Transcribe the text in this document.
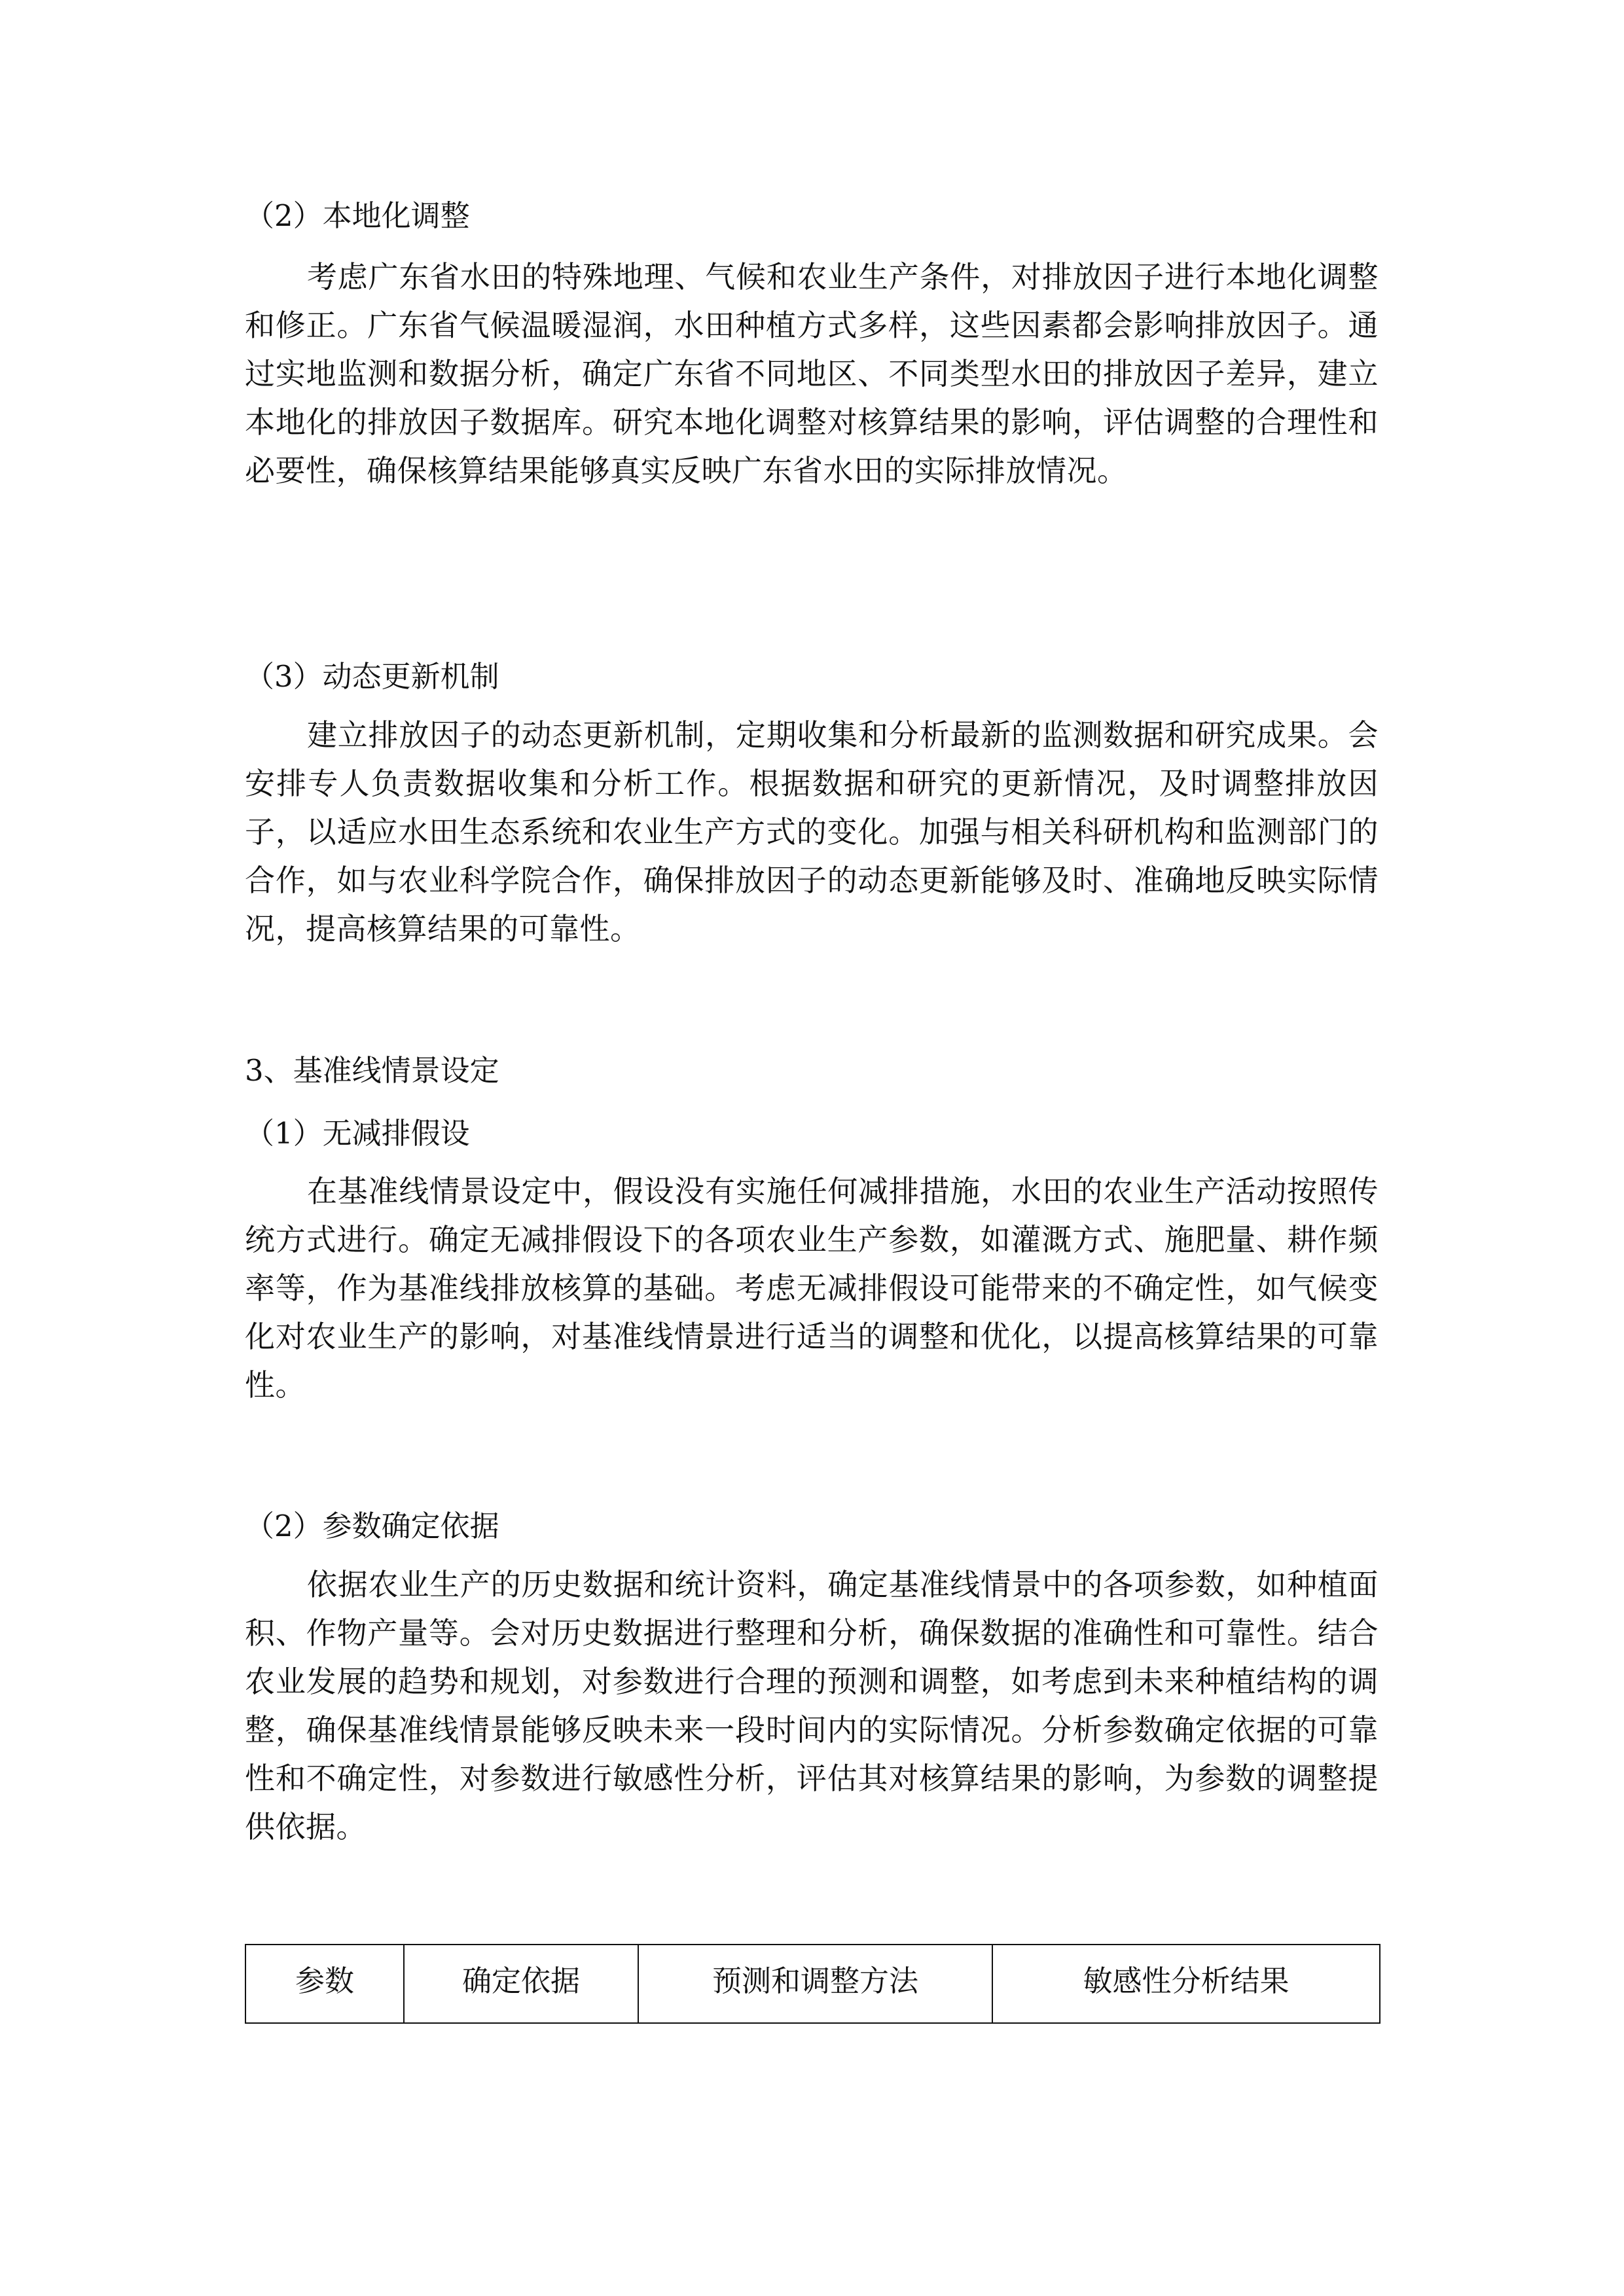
（2）本地化调整

考虑广东省水田的特殊地理、气候和农业生产条件，对排放因子进行本地化调整和修正。广东省气候温暖湿润，水田种植方式多样，这些因素都会影响排放因子。通过实地监测和数据分析，确定广东省不同地区、不同类型水田的排放因子差异，建立本地化的排放因子数据库。研究本地化调整对核算结果的影响，评估调整的合理性和必要性，确保核算结果能够真实反映广东省水田的实际排放情况。

（3）动态更新机制

建立排放因子的动态更新机制，定期收集和分析最新的监测数据和研究成果。会安排专人负责数据收集和分析工作。根据数据和研究的更新情况，及时调整排放因子，以适应水田生态系统和农业生产方式的变化。加强与相关科研机构和监测部门的合作，如与农业科学院合作，确保排放因子的动态更新能够及时、准确地反映实际情况，提高核算结果的可靠性。

3、基准线情景设定
（1）无减排假设

在基准线情景设定中，假设没有实施任何减排措施，水田的农业生产活动按照传统方式进行。确定无减排假设下的各项农业生产参数，如灌溉方式、施肥量、耕作频率等，作为基准线排放核算的基础。考虑无减排假设可能带来的不确定性，如气候变化对农业生产的影响，对基准线情景进行适当的调整和优化，以提高核算结果的可靠性。

（2）参数确定依据

依据农业生产的历史数据和统计资料，确定基准线情景中的各项参数，如种植面积、作物产量等。会对历史数据进行整理和分析，确保数据的准确性和可靠性。结合农业发展的趋势和规划，对参数进行合理的预测和调整，如考虑到未来种植结构的调整，确保基准线情景能够反映未来一段时间内的实际情况。分析参数确定依据的可靠性和不确定性，对参数进行敏感性分析，评估其对核算结果的影响，为参数的调整提供依据。

参数	确定依据	预测和调整方法	敏感性分析结果
